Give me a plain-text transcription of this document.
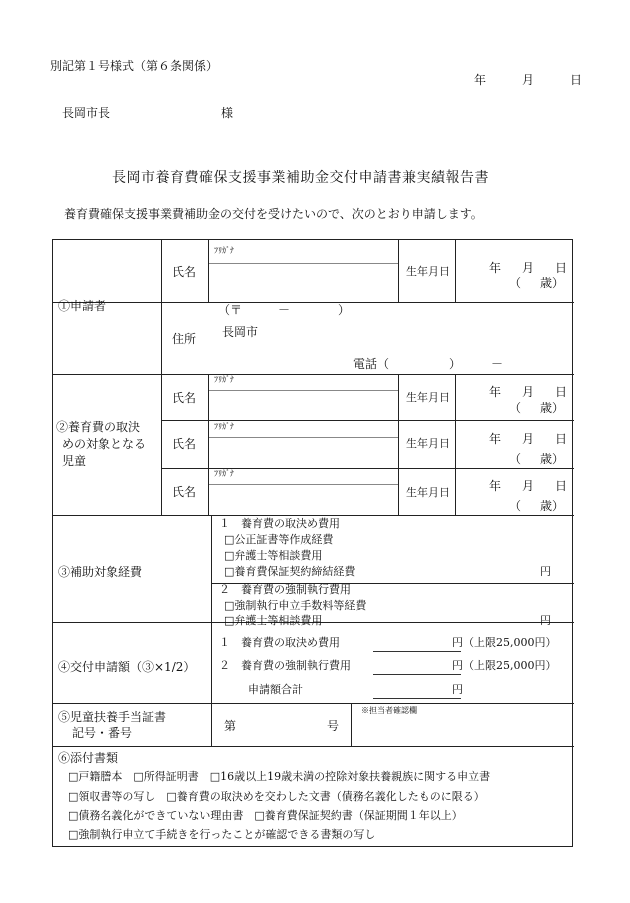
別記第１号様式（第６条関係）
年	月	日
長岡市長	様
長岡市養育費確保支援事業補助金交付申請書兼実績報告書
養育費確保支援事業費補助金の交付を受けたいので、次のとおり申請します。
①申請者
ﾌﾘｶﾞﾅ
氏名	生年月日	年 月 日
（ 歳）
住所
（〒　　　－　　　　）
長岡市
電話（　　　　　）　　　－
②養育費の取決
めの対象となる
児童
ﾌﾘｶﾞﾅ
氏名	生年月日	年 月 日
（ 歳）
ﾌﾘｶﾞﾅ
氏名	生年月日	年 月 日
（ 歳）
ﾌﾘｶﾞﾅ
氏名	生年月日	年 月 日
（ 歳）
③補助対象経費
１　養育費の取決め費用
□公正証書等作成経費
□弁護士等相談費用
□養育費保証契約締結経費	円
２　養育費の強制執行費用
□強制執行申立手数料等経費
□弁護士等相談費用	円
④交付申請額（③×1/2）
１　養育費の取決め費用	円 （上限25,000円）
２　養育費の強制執行費用	円 （上限25,000円）
申請額合計	円
⑤児童扶養手当証書
記号・番号	第	号
※担当者確認欄
⑥添付書類
□戸籍謄本　□所得証明書　□16歳以上19歳未満の控除対象扶養親族に関する申立書
□領収書等の写し　□養育費の取決めを交わした文書（債務名義化したものに限る）
□債務名義化ができていない理由書　□養育費保証契約書（保証期間１年以上）
□強制執行申立て手続きを行ったことが確認できる書類の写し
